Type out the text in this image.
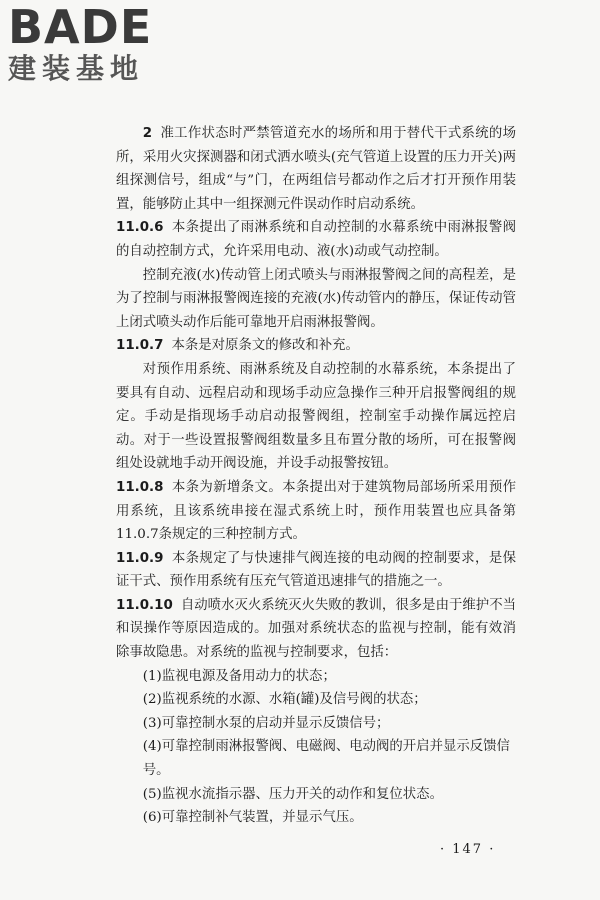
BADE
建装基地

2 准工作状态时严禁管道充水的场所和用于替代干式系统的场所，采用火灾探测器和闭式洒水喷头(充气管道上设置的压力开关)两组探测信号，组成“与”门，在两组信号都动作之后才打开预作用装置，能够防止其中一组探测元件误动作时启动系统。

11.0.6 本条提出了雨淋系统和自动控制的水幕系统中雨淋报警阀的自动控制方式，允许采用电动、液(水)动或气动控制。

控制充液(水)传动管上闭式喷头与雨淋报警阀之间的高程差，是为了控制与雨淋报警阀连接的充液(水)传动管内的静压，保证传动管上闭式喷头动作后能可靠地开启雨淋报警阀。

11.0.7 本条是对原条文的修改和补充。

对预作用系统、雨淋系统及自动控制的水幕系统，本条提出了要具有自动、远程启动和现场手动应急操作三种开启报警阀组的规定。手动是指现场手动启动报警阀组，控制室手动操作属远控启动。对于一些设置报警阀组数量多且布置分散的场所，可在报警阀组处设就地手动开阀设施，并设手动报警按钮。

11.0.8 本条为新增条文。本条提出对于建筑物局部场所采用预作用系统，且该系统串接在湿式系统上时，预作用装置也应具备第11.0.7条规定的三种控制方式。

11.0.9 本条规定了与快速排气阀连接的电动阀的控制要求，是保证干式、预作用系统有压充气管道迅速排气的措施之一。

11.0.10 自动喷水灭火系统灭火失败的教训，很多是由于维护不当和误操作等原因造成的。加强对系统状态的监视与控制，能有效消除事故隐患。对系统的监视与控制要求，包括：

(1)监视电源及备用动力的状态；

(2)监视系统的水源、水箱(罐)及信号阀的状态；

(3)可靠控制水泵的启动并显示反馈信号；

(4)可靠控制雨淋报警阀、电磁阀、电动阀的开启并显示反馈信号。

(5)监视水流指示器、压力开关的动作和复位状态。

(6)可靠控制补气装置，并显示气压。

· 147 ·
